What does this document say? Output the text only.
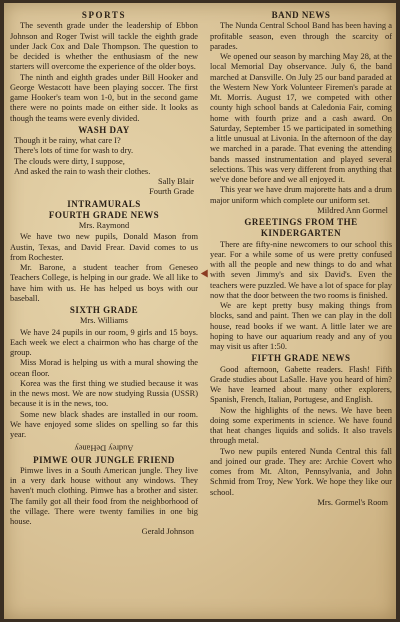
SPORTS

The seventh grade under the leadership of Ebbon Johnson and Roger Twist will tackle the eighth grade under Jack Cox and Dale Thompson. The question to be decided is whether the enthusiasm of the new starters will overcome the experience of the older boys.

The ninth and eighth grades under Bill Hooker and George Westacott have been playing soccer. The first game Hooker's team won 1-0, but in the second game there were no points made on either side. It looks as though the teams were evenly divided.

WASH DAY
Though it be rainy, what care I?
There's lots of time for wash to dry.
The clouds were dirty, I suppose,
And asked the rain to wash their clothes.
Sally Blair
Fourth Grade
INTRAMURALS
FOURTH GRADE NEWS
Mrs. Raymond

We have two new pupils, Donald Mason from Austin, Texas, and David Frear. David comes to us from Rochester.

Mr. Barone, a student teacher from Geneseo Teachers College, is helping in our grade. We all like to have him with us. He has helped us boys with our baseball.

SIXTH GRADE
Mrs. Williams

We have 24 pupils in our room, 9 girls and 15 boys. Each week we elect a chairmon who has charge of the group.

Miss Morad is helping us with a mural showing the ocean floor.

Korea was the first thing we studied because it was in the news most. We are now studying Russia (USSR) because it is in the news, too.

Some new black shades are installed in our room. We have enjoyed some slides on spelling so far this year.

Audrey DeHaney
PIMWE OUR JUNGLE FRIEND

Pimwe lives in a South American jungle. They live in a very dark house without any windows. They haven't much clothing. Pimwe has a brother and sister. The family got all their food from the neighborhood of the village. There were twenty families in one big house.

Gerald Johnson
BAND NEWS

The Nunda Central School Band has been having a profitable season, even through the scarcity of parades.

We opened our season by marching May 28, at the local Memorial Day observance. July 6, the band marched at Dansville. On July 25 our band paraded at the Western New York Volunteer Firemen's parade at Mt. Morris. August 17, we competed with other county high school bands at Caledonia Fair, coming home with fourth prize and a cash award. On Saturday, September 15 we participated in something a little unusual at Livonia. In the afternoon of the day we marched in a parade. That evening the attending bands massed instrumentation and played several selections. This was very different from anything that we've done before and we all enjoyed it.

This year we have drum majorette hats and a drum major uniform which complete our uniform set.

Mildred Ann Gormel
GREETINGS FROM THE
KINDERGARTEN

There are fifty-nine newcomers to our school this year. For a while some of us were pretty confused with all the people and new things to do and what with seven Jimmy's and six David's. Even the teachers were puzzled. We have a lot of space for play now that the door between the two rooms is finished.

We are kept pretty busy making things from blocks, sand and paint. Then we can play in the doll house, read books if we want. A little later we are hoping to have our aquarium ready and any of you may visit us after 1:50.

FIFTH GRADE NEWS

Good afternoon, Gabette readers. Flash! Fifth Grade studies about LaSalle. Have you heard of him? We have learned about many other explorers, Spanish, French, Italian, Portugese, and English.

Now the highlights of the news. We have been doing some experiments in science. We have found that heat changes liquids and solids. It also travels through metal.

Two new pupils entered Nunda Central this fall and joined our grade. They are: Archie Covert who comes from Mt. Alton, Pennsylvania, and John Schmid from Troy, New York. We hope they like our school.

Mrs. Gormel's Room
